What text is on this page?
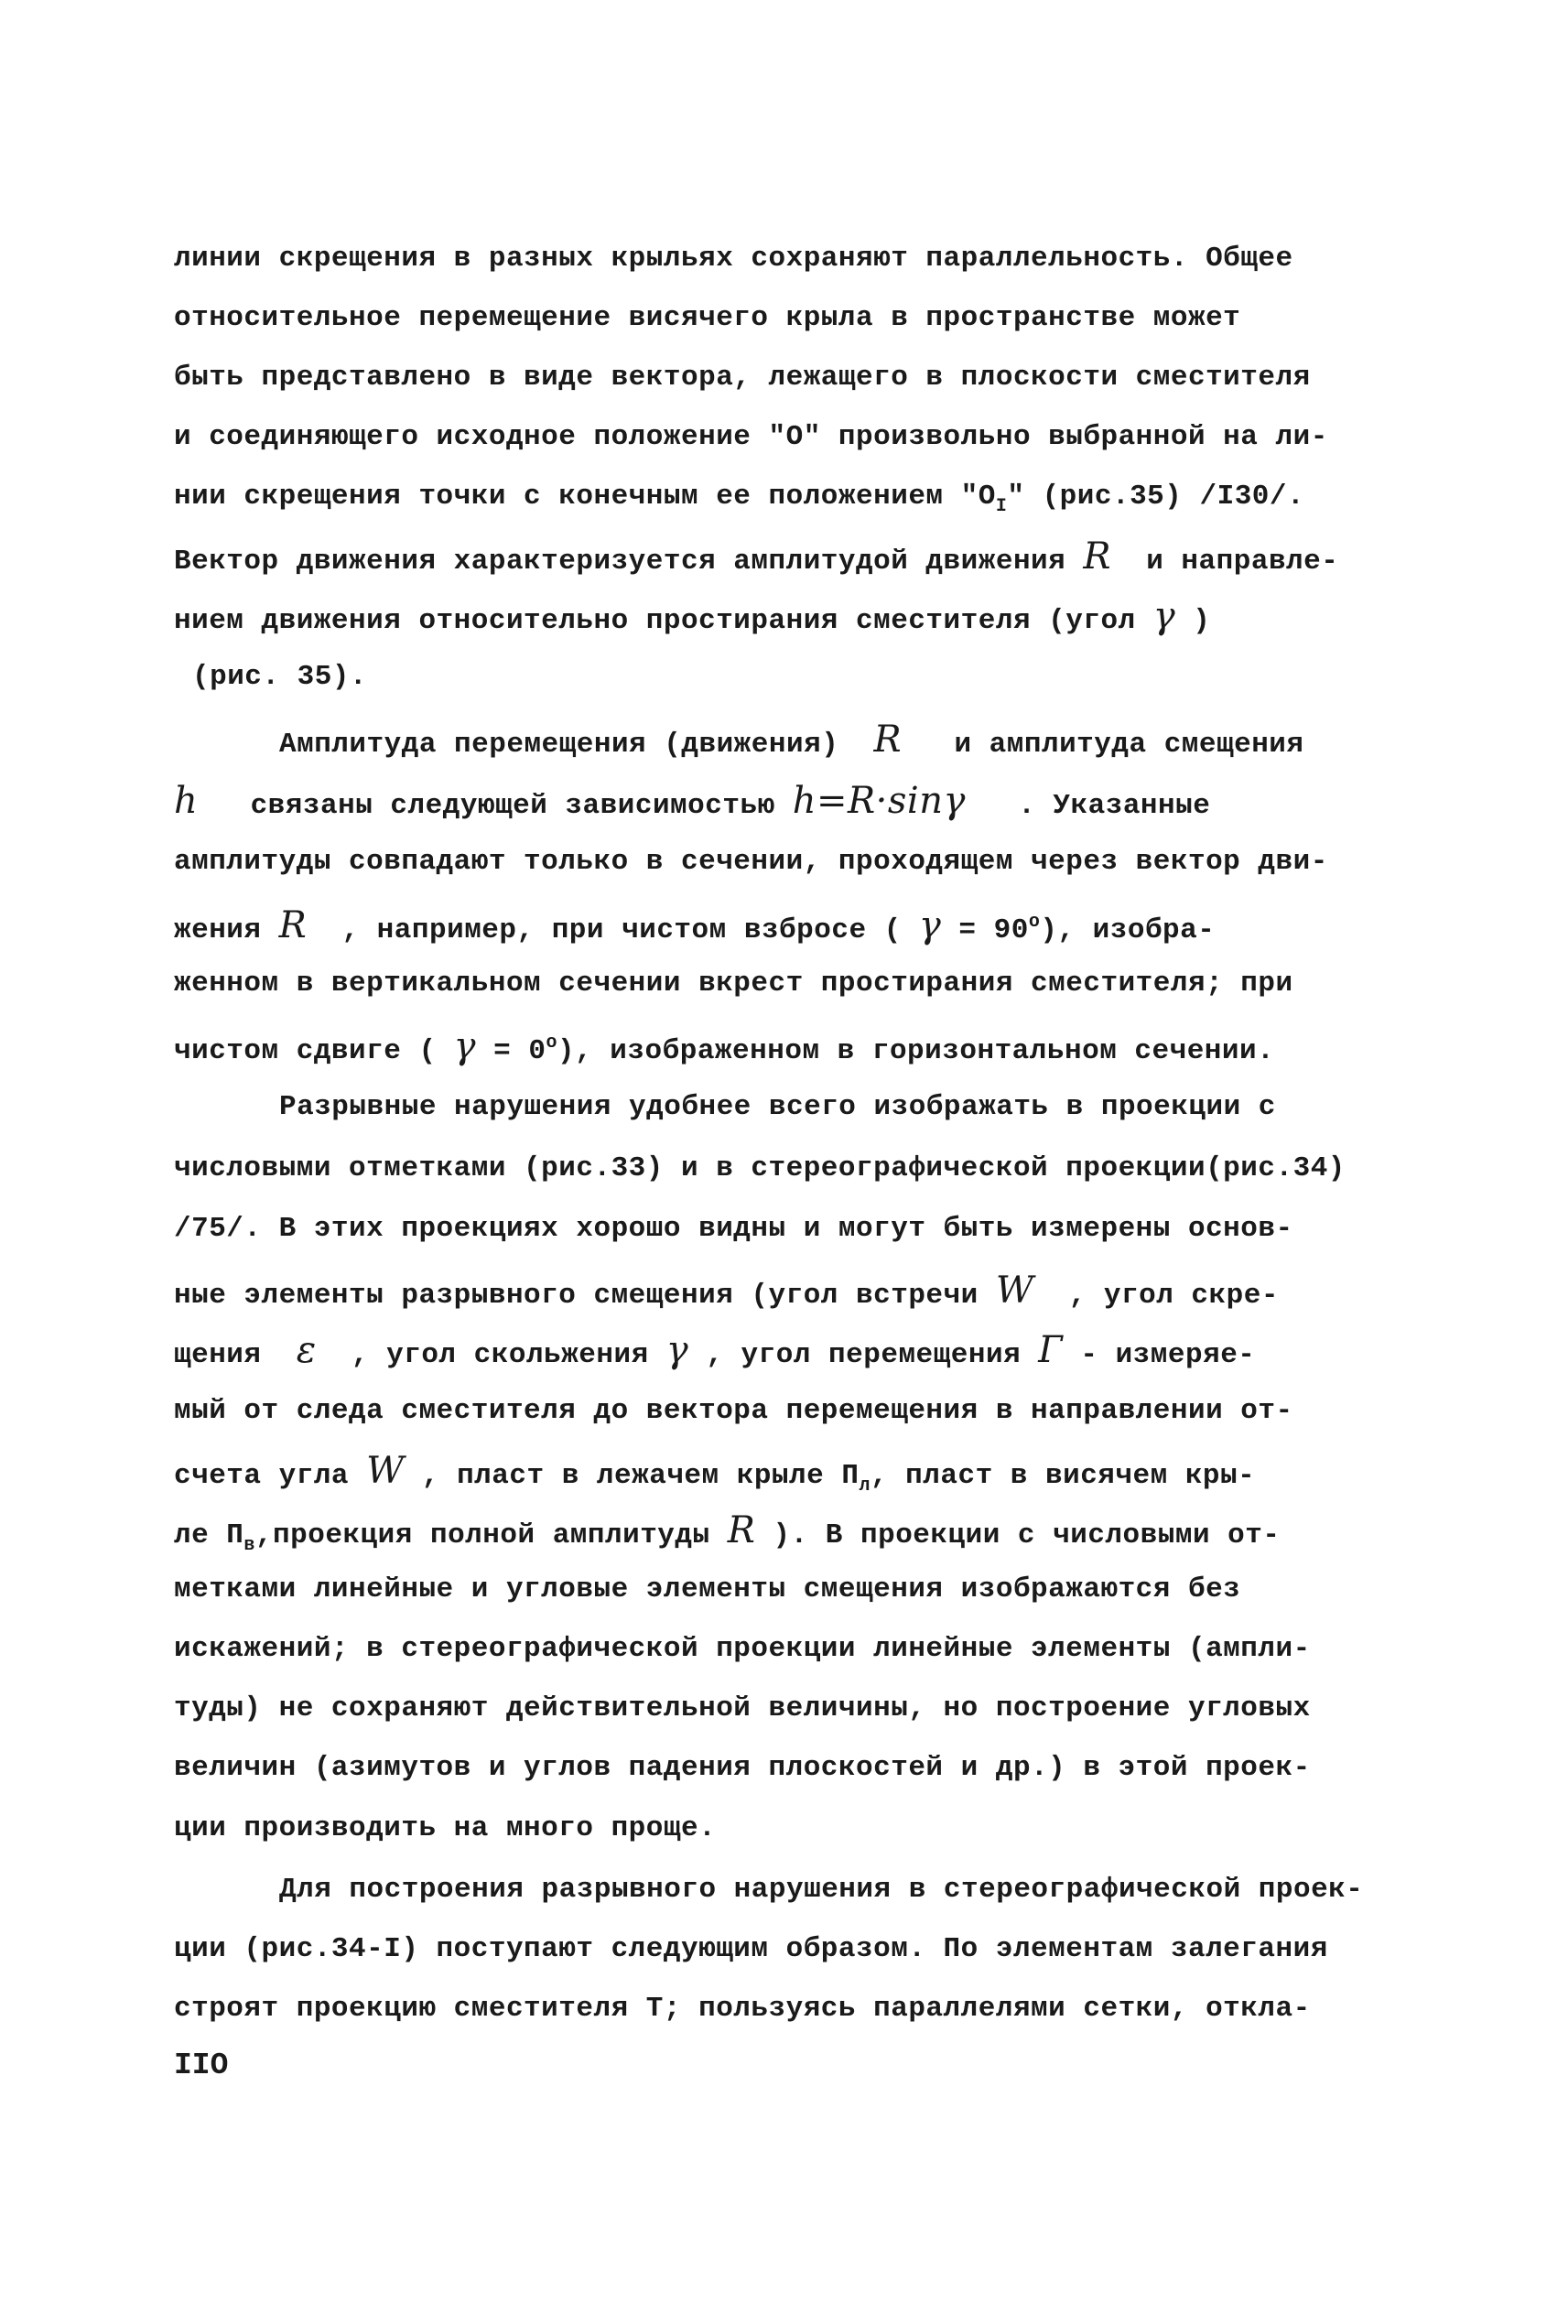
линии скрещения в разных крыльях сохраняют параллельность. Общее
относительное перемещение висячего крыла в пространстве может
быть представлено в виде вектора, лежащего в плоскости сместителя
и соединяющего исходное положение "О" произвольно выбранной на ли-
нии скрещения точки с конечным ее положением "$О_I$" (рис.35) /I30/.
Вектор движения характеризуется амплитудой движения R и направле-
нием движения относительно простирания сместителя (угол γ )
(рис. 35).
Амплитуда перемещения (движения) R и амплитуда смещения
h связаны следующей зависимостью h=R·sinγ . Указанные
амплитуды совпадают только в сечении, проходящем через вектор дви-
жения R , например, при чистом взбросе ( $\gamma = 90^o$), изобра-
женном в вертикальном сечении вкрест простирания сместителя; при
чистом сдвиге ( $\gamma = 0^o$), изображенном в горизонтальном сечении.
Разрывные нарушения удобнее всего изображать в проекции с
числовыми отметками (рис.33) и в стереографической проекции(рис.34)
/75/. В этих проекциях хорошо видны и могут быть измерены основ-
ные элементы разрывного смещения (угол встречи W , угол скре-
щения ε , угол скольжения γ , угол перемещения Г - измеряе-
мый от следа сместителя до вектора перемещения в направлении от-
счета угла W , пласт в лежачем крыле $П_л$, пласт в висячем кры-
ле $П_в,проекция$ полной амплитуды R ). В проекции с числовыми от-
метками линейные и угловые элементы смещения изображаются без
искажений; в стереографической проекции линейные элементы (ампли-
туды) не сохраняют действительной величины, но построение угловых
величин (азимутов и углов падения плоскостей и др.) в этой проек-
ции производить на много проще.
Для построения разрывного нарушения в стереографической проек-
ции (рис.34-I) поступают следующим образом. По элементам залегания
строят проекцию сместителя Т; пользуясь параллелями сетки, откла-
IIO
